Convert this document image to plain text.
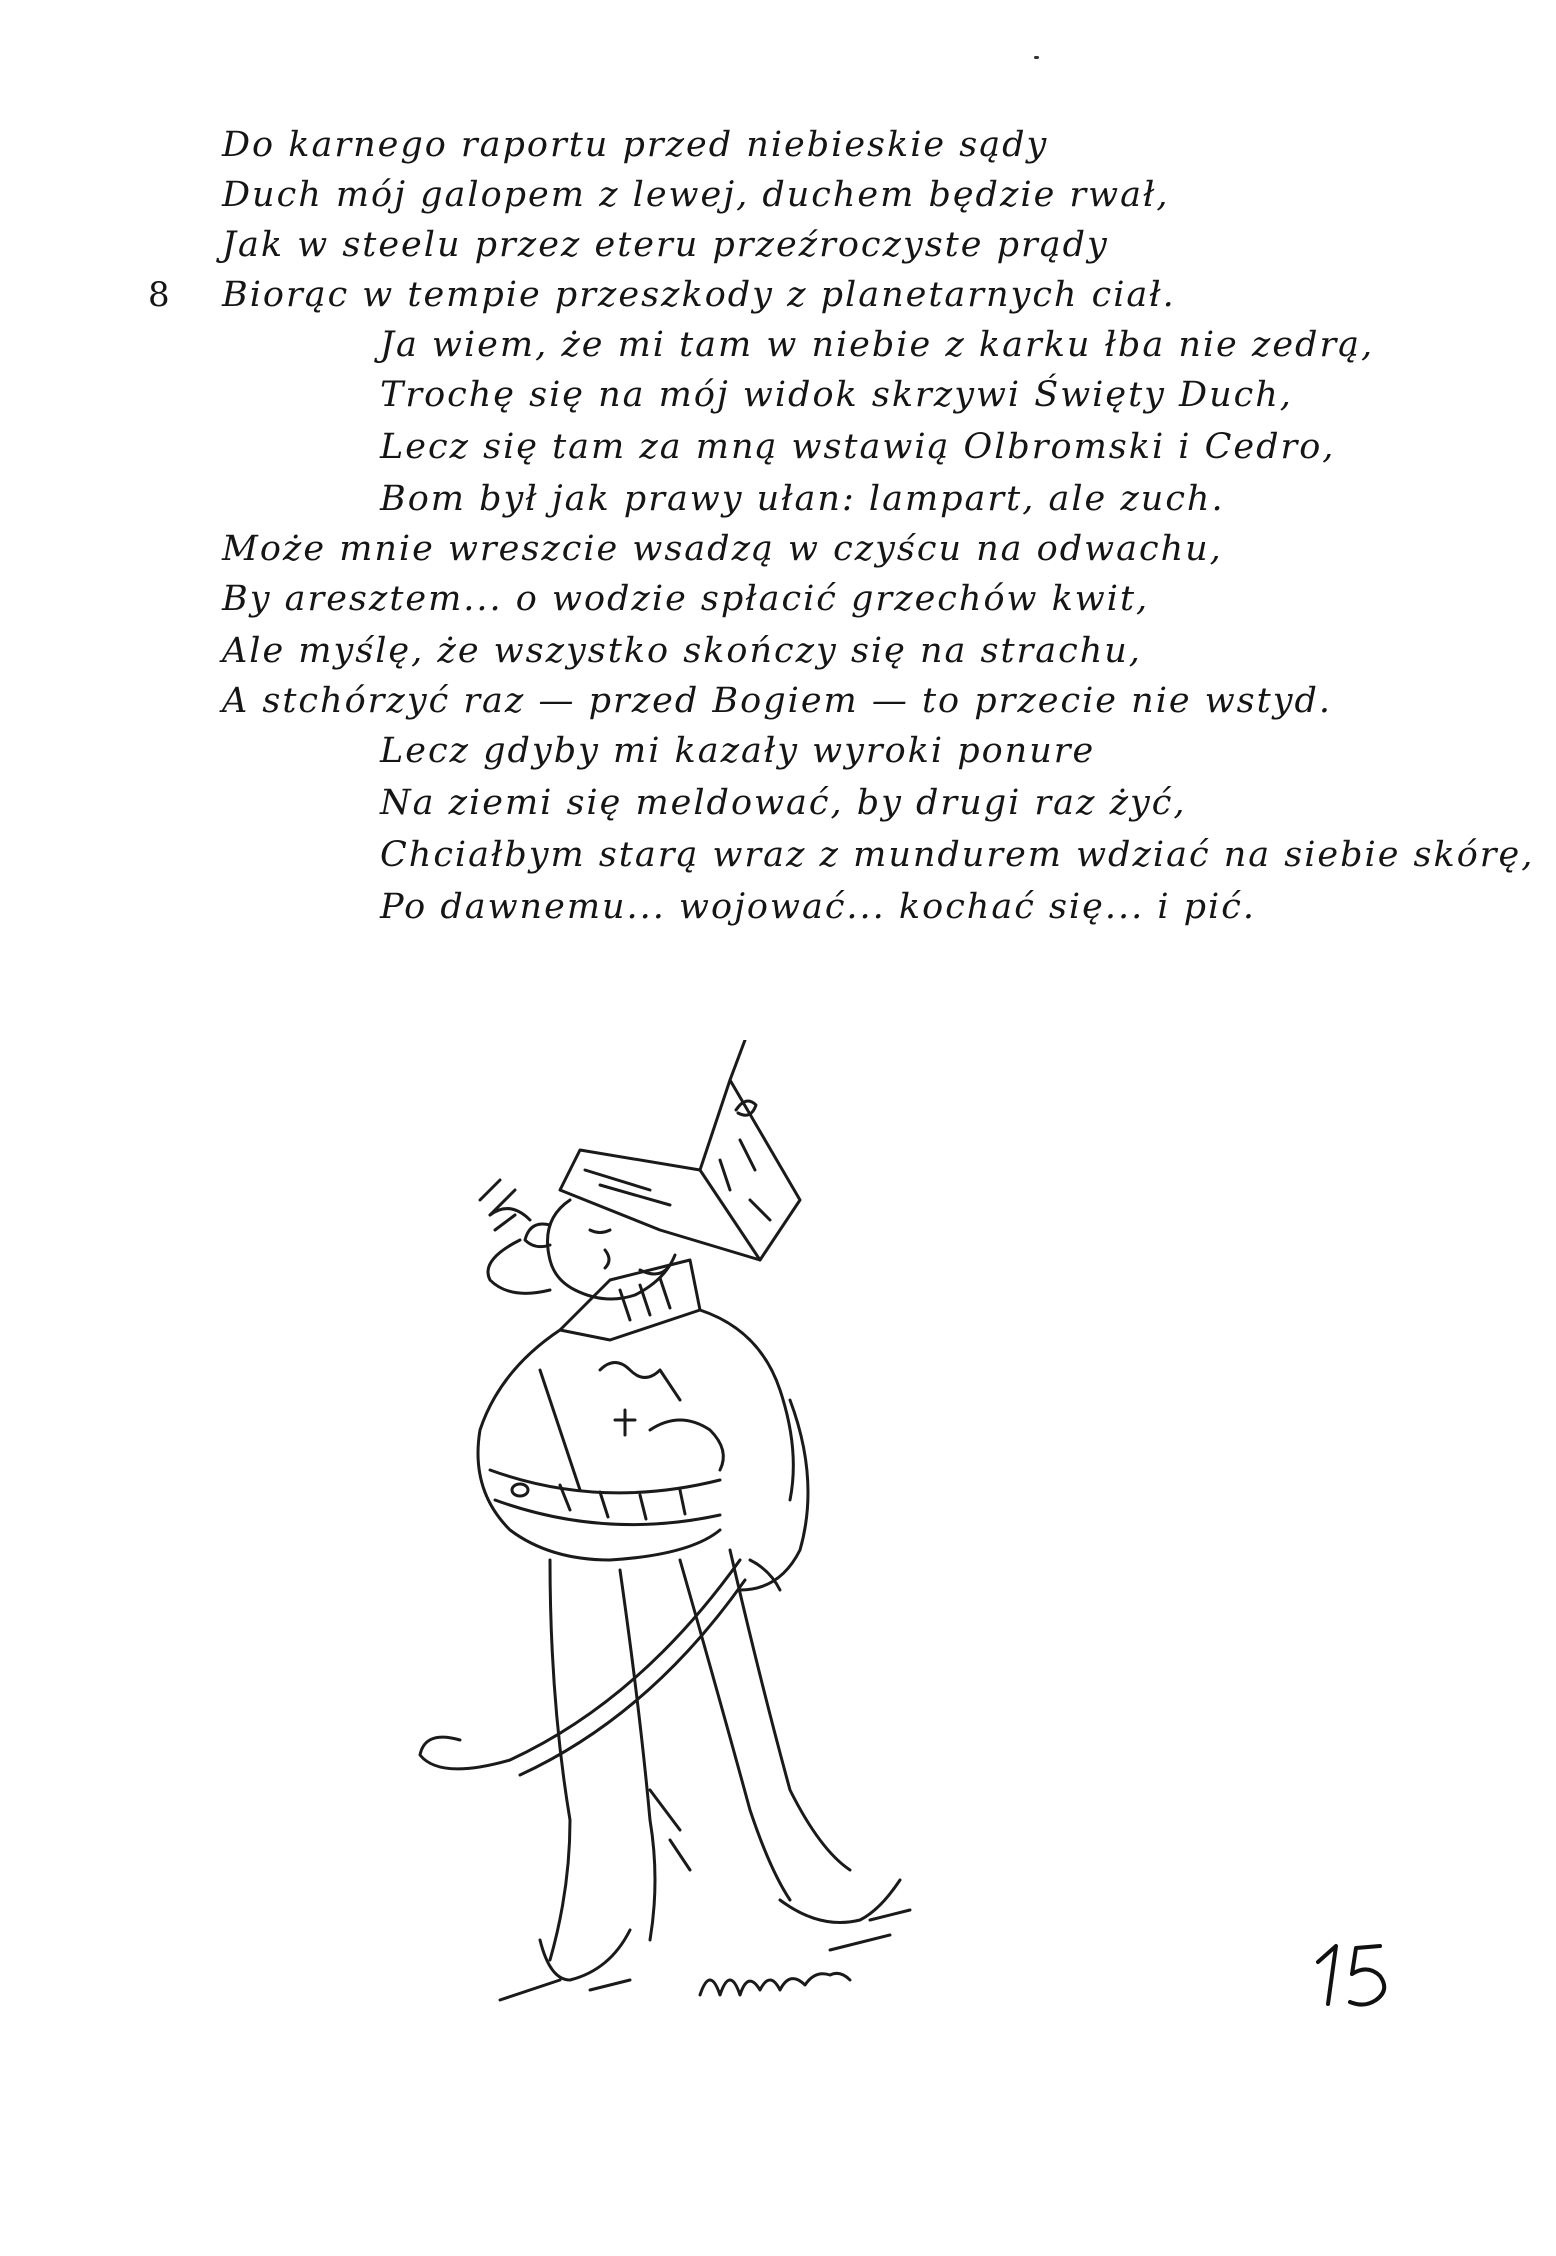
Do karnego raportu przed niebieskie sądy
Duch mój galopem z lewej, duchem będzie rwał,
Jak w steelu przez eteru przeźroczyste prądy
8 Biorąc w tempie przeszkody z planetarnych ciał.
Ja wiem, że mi tam w niebie z karku łba nie zedrą,
Trochę się na mój widok skrzywi Święty Duch,
Lecz się tam za mną wstawią Olbromski i Cedro,
Bom był jak prawy ułan: lampart, ale zuch.
Może mnie wreszcie wsadzą w czyścu na odwachu,
By aresztem... o wodzie spłacić grzechów kwit,
Ale myślę, że wszystko skończy się na strachu,
A stchórzyć raz — przed Bogiem — to przecie nie wstyd.
Lecz gdyby mi kazały wyroki ponure
Na ziemi się meldować, by drugi raz żyć,
Chciałbym starą wraz z mundurem wdziać na siebie skórę,
Po dawnemu... wojować... kochać się... i pić.
